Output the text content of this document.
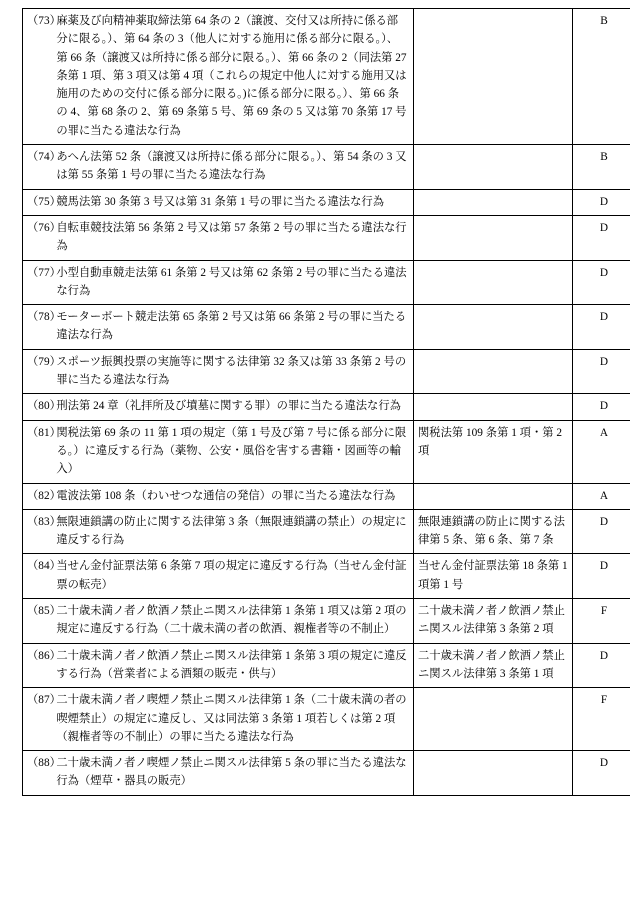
（73）麻薬及び向精神薬取締法第 64 条の 2（譲渡、交付又は所持に係る部分に限る。）、第 64 条の 3（他人に対する施用に係る部分に限る。）、第 66 条（譲渡又は所持に係る部分に限る。）、第 66 条の 2（同法第 27 条第 1 項、第 3 項又は第 4 項（これらの規定中他人に対する施用又は施用のための交付に係る部分に限る。)に係る部分に限る。）、第 66 条の 4、第 68 条の 2、第 69 条第 5 号、第 69 条の 5 又は第 70 条第 17 号の罪に当たる違法な行為		B

（74）あへん法第 52 条（譲渡又は所持に係る部分に限る。）、第 54 条の 3 又は第 55 条第 1 号の罪に当たる違法な行為		B

（75）競馬法第 30 条第 3 号又は第 31 条第 1 号の罪に当たる違法な行為		D

（76）自転車競技法第 56 条第 2 号又は第 57 条第 2 号の罪に当たる違法な行為		D

（77）小型自動車競走法第 61 条第 2 号又は第 62 条第 2 号の罪に当たる違法な行為		D

（78）モーターボート競走法第 65 条第 2 号又は第 66 条第 2 号の罪に当たる違法な行為		D

（79）スポーツ振興投票の実施等に関する法律第 32 条又は第 33 条第 2 号の罪に当たる違法な行為		D

（80）刑法第 24 章（礼拝所及び墳墓に関する罪）の罪に当たる違法な行為		D

（81）関税法第 69 条の 11 第 1 項の規定（第 1 号及び第 7 号に係る部分に限る。）に違反する行為（薬物、公安・風俗を害する書籍・図画等の輸入）	関税法第 109 条第 1 項・第 2 項	A

（82）電波法第 108 条（わいせつな通信の発信）の罪に当たる違法な行為		A

（83）無限連鎖講の防止に関する法律第 3 条（無限連鎖講の禁止）の規定に違反する行為	無限連鎖講の防止に関する法律第 5 条、第 6 条、第 7 条	D

（84）当せん金付証票法第 6 条第 7 項の規定に違反する行為（当せん金付証票の転売）	当せん金付証票法第 18 条第 1 項第 1 号	D

（85）二十歳未満ノ者ノ飲酒ノ禁止ニ関スル法律第 1 条第 1 項又は第 2 項の規定に違反する行為（二十歳未満の者の飲酒、親権者等の不制止）	二十歳未満ノ者ノ飲酒ノ禁止ニ関スル法律第 3 条第 2 項	F

（86）二十歳未満ノ者ノ飲酒ノ禁止ニ関スル法律第 1 条第 3 項の規定に違反する行為（営業者による酒類の販売・供与）	二十歳未満ノ者ノ飲酒ノ禁止ニ関スル法律第 3 条第 1 項	D

（87）二十歳未満ノ者ノ喫煙ノ禁止ニ関スル法律第 1 条（二十歳未満の者の喫煙禁止）の規定に違反し、又は同法第 3 条第 1 項若しくは第 2 項（親権者等の不制止）の罪に当たる違法な行為		F

（88）二十歳未満ノ者ノ喫煙ノ禁止ニ関スル法律第 5 条の罪に当たる違法な行為（煙草・器具の販売）		D
